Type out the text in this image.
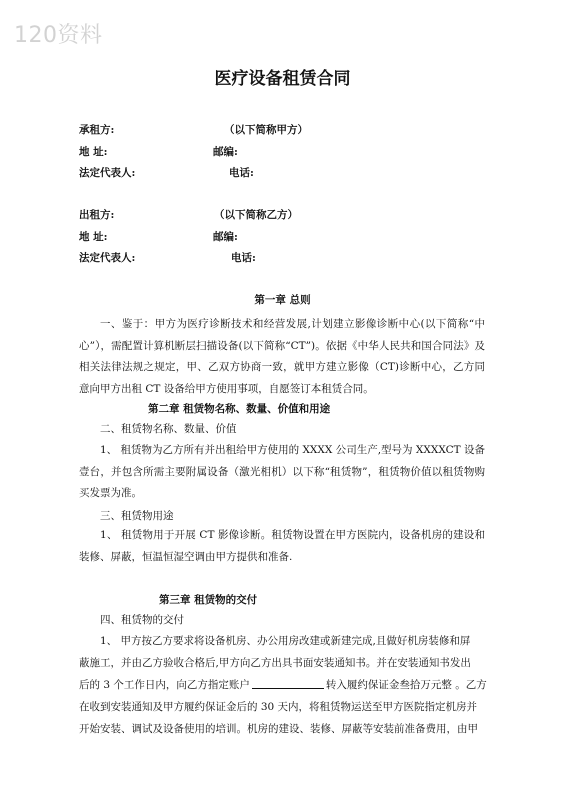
120资料
医疗设备租赁合同
承租方:	（以下简称甲方）
地 址:	邮编:
法定代表人:	电话:
出租方:	（以下简称乙方）
地 址:	邮编:
法定代表人:	电话:
第一章 总则

一、鉴于：甲方为医疗诊断技术和经营发展,计划建立影像诊断中心(以下简称“中心”），需配置计算机断层扫描设备(以下简称“CT”)。依据《中华人民共和国合同法》及相关法律法规之规定，甲、乙双方协商一致，就甲方建立影像（CT)诊断中心，乙方同意向甲方出租 CT 设备给甲方使用事项，自愿签订本租赁合同。

第二章 租赁物名称、数量、价值和用途
二、租赁物名称、数量、价值

1、 租赁物为乙方所有并出租给甲方使用的 XXXX 公司生产,型号为 XXXXCT 设备壹台，并包含所需主要附属设备（激光相机）以下称“租赁物”，租赁物价值以租赁物购买发票为准。

三、租赁物用途

1、 租赁物用于开展 CT 影像诊断。租赁物设置在甲方医院内，设备机房的建设和装修、屏蔽，恒温恒湿空调由甲方提供和准备.

第三章 租赁物的交付
四、租赁物的交付
1、 甲方按乙方要求将设备机房、办公用房改建或新建完成,且做好机房装修和屏
蔽施工，并由乙方验收合格后,甲方向乙方出具书面安装通知书。并在安装通知书发出
后的 3 个工作日内，向乙方指定账户	转入履约保证金叁拾万元整 。乙方
在收到安装通知及甲方履约保证金后的 30 天内，将租赁物运送至甲方医院指定机房并
开始安装、调试及设备使用的培训。机房的建设、装修、屏蔽等安装前准备费用，由甲
